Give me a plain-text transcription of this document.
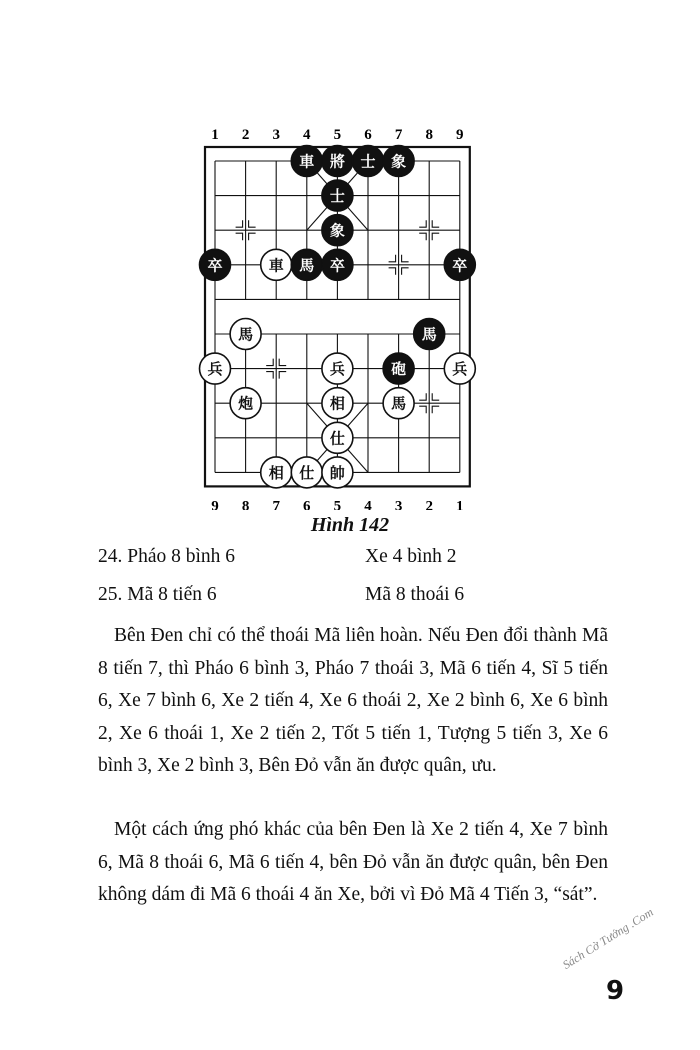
1 2 3 4 5 6 7 8 9
9 8 7 6 5 4 3 2 1
車 將 士 象
士
象
卒	車 馬 卒	卒
馬	馬
兵	兵	砲	兵
炮	相	馬
仕
相 仕 帥
Hình 142
24. Pháo 8 bình 6	Xe 4 bình 2
25. Mã 8 tiến 6	Mã 8 thoái 6

Bên Đen chỉ có thể thoái Mã liên hoàn. Nếu Đen đổi thành Mã 8 tiến 7, thì Pháo 6 bình 3, Pháo 7 thoái 3, Mã 6 tiến 4, Sĩ 5 tiến 6, Xe 7 bình 6, Xe 2 tiến 4, Xe 6 thoái 2, Xe 2 bình 6, Xe 6 bình 2, Xe 6 thoái 1, Xe 2 tiến 2, Tốt 5 tiến 1, Tượng 5 tiến 3, Xe 6 bình 3, Xe 2 bình 3, Bên Đỏ vẫn ăn được quân, ưu.

Một cách ứng phó khác của bên Đen là Xe 2 tiến 4, Xe 7 bình 6, Mã 8 thoái 6, Mã 6 tiến 4, bên Đỏ vẫn ăn được quân, bên Đen không dám đi Mã 6 thoái 4 ăn Xe, bởi vì Đỏ Mã 4 Tiến 3, “sát”.

Sách Cờ Tướng .Com
9
